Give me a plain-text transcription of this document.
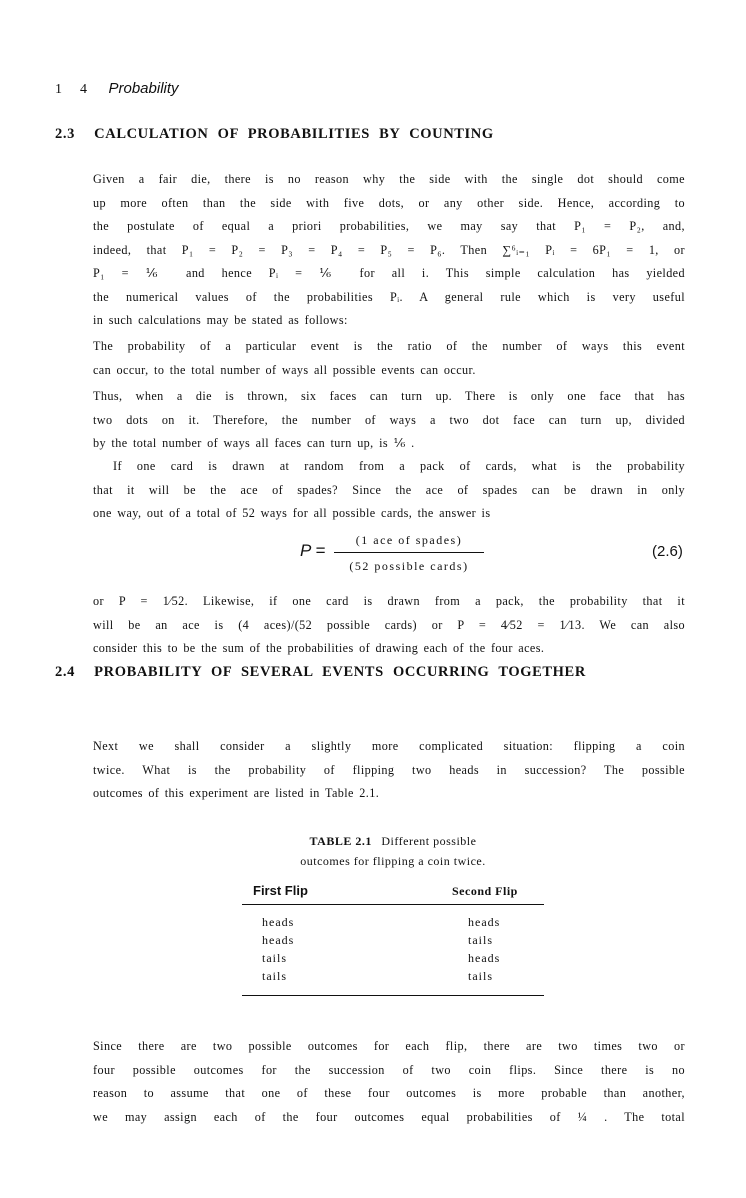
14 Probability
2.3 CALCULATION OF PROBABILITIES BY COUNTING
Given a fair die, there is no reason why the side with the single dot should come
up more often than the side with five dots, or any other side. Hence, according to
the postulate of equal a priori probabilities, we may say that P₁ = P₂, and,
indeed, that P₁ = P₂ = P₃ = P₄ = P₅ = P₆. Then ∑⁶ᵢ₌₁ Pᵢ = 6P₁ = 1, or
P₁ = ⅙ and hence Pᵢ = ⅙ for all i. This simple calculation has yielded
the numerical values of the probabilities Pᵢ. A general rule which is very useful
in such calculations may be stated as follows:
The probability of a particular event is the ratio of the number of ways this event
can occur, to the total number of ways all possible events can occur.
Thus, when a die is thrown, six faces can turn up. There is only one face that has
two dots on it. Therefore, the number of ways a two dot face can turn up, divided
by the total number of ways all faces can turn up, is ⅙ .
If one card is drawn at random from a pack of cards, what is the probability
that it will be the ace of spades? Since the ace of spades can be drawn in only
one way, out of a total of 52 ways for all possible cards, the answer is
P =
(1 ace of spades)
(52 possible cards)
(2.6)
or P = 1⁄52. Likewise, if one card is drawn from a pack, the probability that it
will be an ace is (4 aces)/(52 possible cards) or P = 4⁄52 = 1⁄13. We can also
consider this to be the sum of the probabilities of drawing each of the four aces.
2.4 PROBABILITY OF SEVERAL EVENTS OCCURRING TOGETHER
Next we shall consider a slightly more complicated situation: flipping a coin
twice. What is the probability of flipping two heads in succession? The possible
outcomes of this experiment are listed in Table 2.1.
TABLE 2.1 Different possible
outcomes for flipping a coin twice.
First Flip	Second Flip
heads	heads
heads	tails
tails	heads
tails	tails
Since there are two possible outcomes for each flip, there are two times two or
four possible outcomes for the succession of two coin flips. Since there is no
reason to assume that one of these four outcomes is more probable than another,
we may assign each of the four outcomes equal probabilities of ¼ . The total
